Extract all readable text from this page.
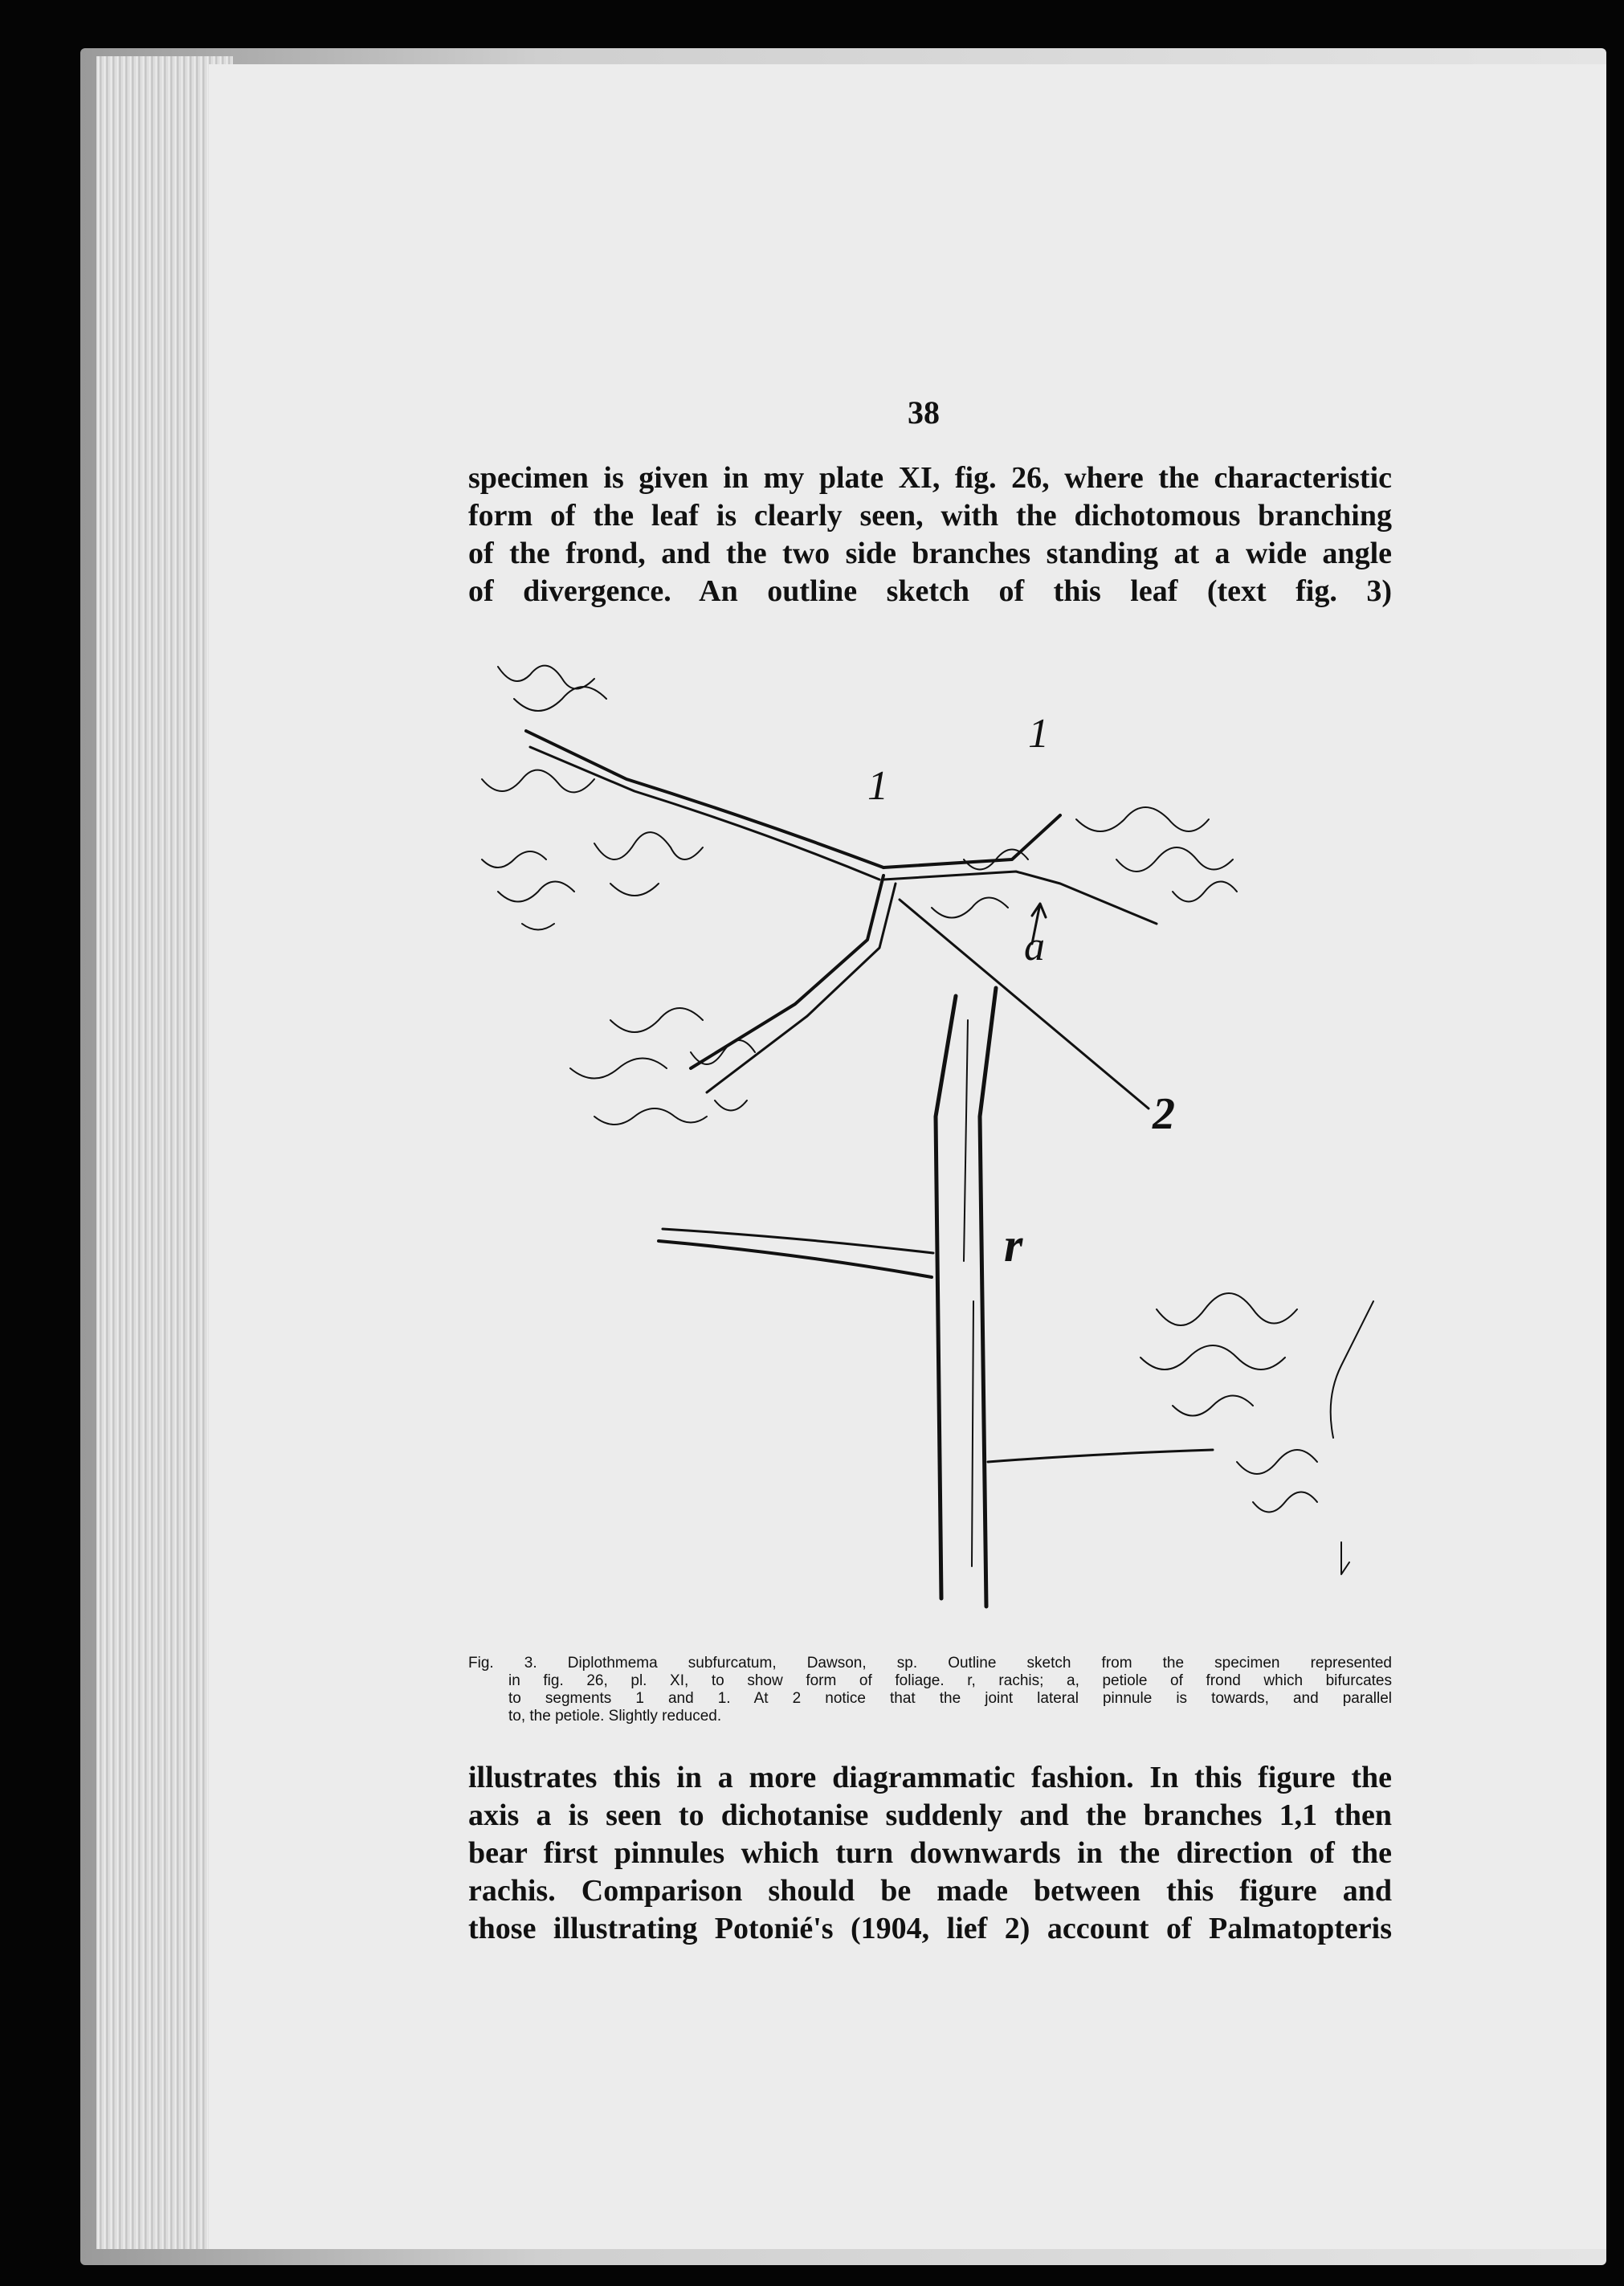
38
specimen is given in my plate XI, fig. 26, where the characteristic
form of the leaf is clearly seen, with the dichotomous branching
of the frond, and the two side branches standing at a wide angle
of divergence. An outline sketch of this leaf (text fig. 3)
1
1
a
2
r
Fig. 3. Diplothmema subfurcatum, Dawson, sp. Outline sketch from the specimen represented
in fig. 26, pl. XI, to show form of foliage. r, rachis; a, petiole of frond which bifurcates
to segments 1 and 1. At 2 notice that the joint lateral pinnule is towards, and parallel
to, the petiole. Slightly reduced.
illustrates this in a more diagrammatic fashion. In this figure the
axis a is seen to dichotanise suddenly and the branches 1,1 then
bear first pinnules which turn downwards in the direction of the
rachis. Comparison should be made between this figure and
those illustrating Potonié's (1904, lief 2) account of Palmatopteris
